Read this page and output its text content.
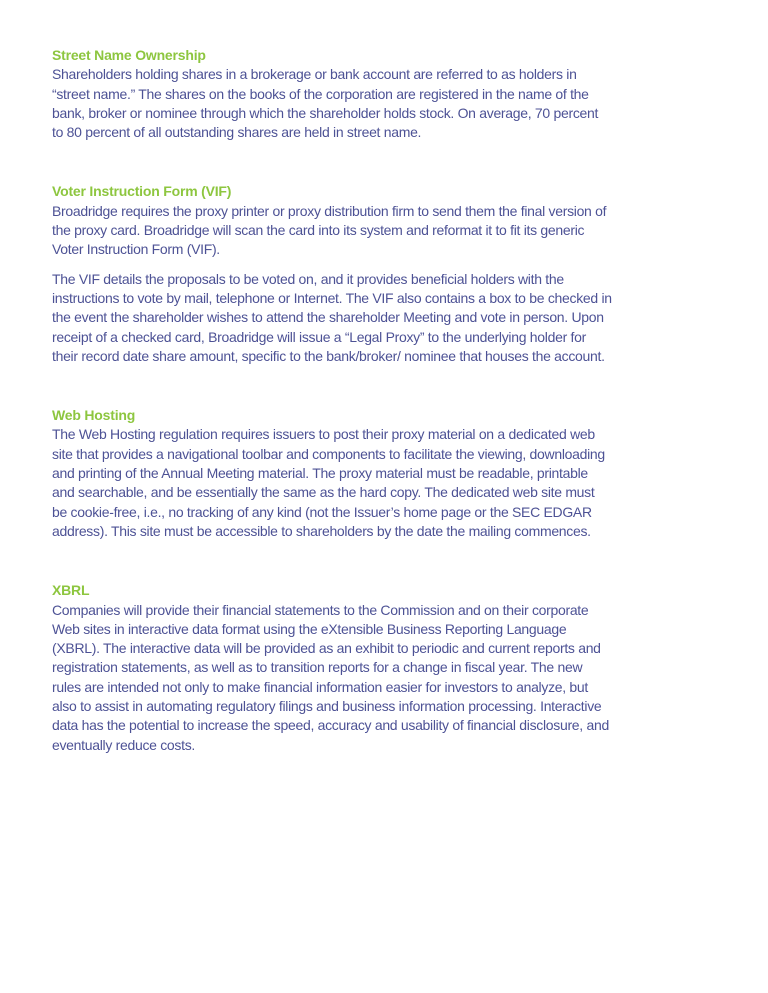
Street Name Ownership

Shareholders holding shares in a brokerage or bank account are referred to as holders in “street name.” The shares on the books of the corporation are registered in the name of the bank, broker or nominee through which the shareholder holds stock. On average, 70 percent to 80 percent of all outstanding shares are held in street name.

Voter Instruction Form (VIF)

Broadridge requires the proxy printer or proxy distribution firm to send them the final version of the proxy card. Broadridge will scan the card into its system and reformat it to fit its generic Voter Instruction Form (VIF).

The VIF details the proposals to be voted on, and it provides beneficial holders with the instructions to vote by mail, telephone or Internet. The VIF also contains a box to be checked in the event the shareholder wishes to attend the shareholder Meeting and vote in person. Upon receipt of a checked card, Broadridge will issue a “Legal Proxy” to the underlying holder for their record date share amount, specific to the bank/broker/ nominee that houses the account.

Web Hosting

The Web Hosting regulation requires issuers to post their proxy material on a dedicated web site that provides a navigational toolbar and components to facilitate the viewing, downloading and printing of the Annual Meeting material. The proxy material must be readable, printable and searchable, and be essentially the same as the hard copy. The dedicated web site must be cookie-free, i.e., no tracking of any kind (not the Issuer’s home page or the SEC EDGAR address). This site must be accessible to shareholders by the date the mailing commences.

XBRL

Companies will provide their financial statements to the Commission and on their corporate Web sites in interactive data format using the eXtensible Business Reporting Language (XBRL). The interactive data will be provided as an exhibit to periodic and current reports and registration statements, as well as to transition reports for a change in fiscal year. The new rules are intended not only to make financial information easier for investors to analyze, but also to assist in automating regulatory filings and business information processing. Interactive data has the potential to increase the speed, accuracy and usability of financial disclosure, and eventually reduce costs.
